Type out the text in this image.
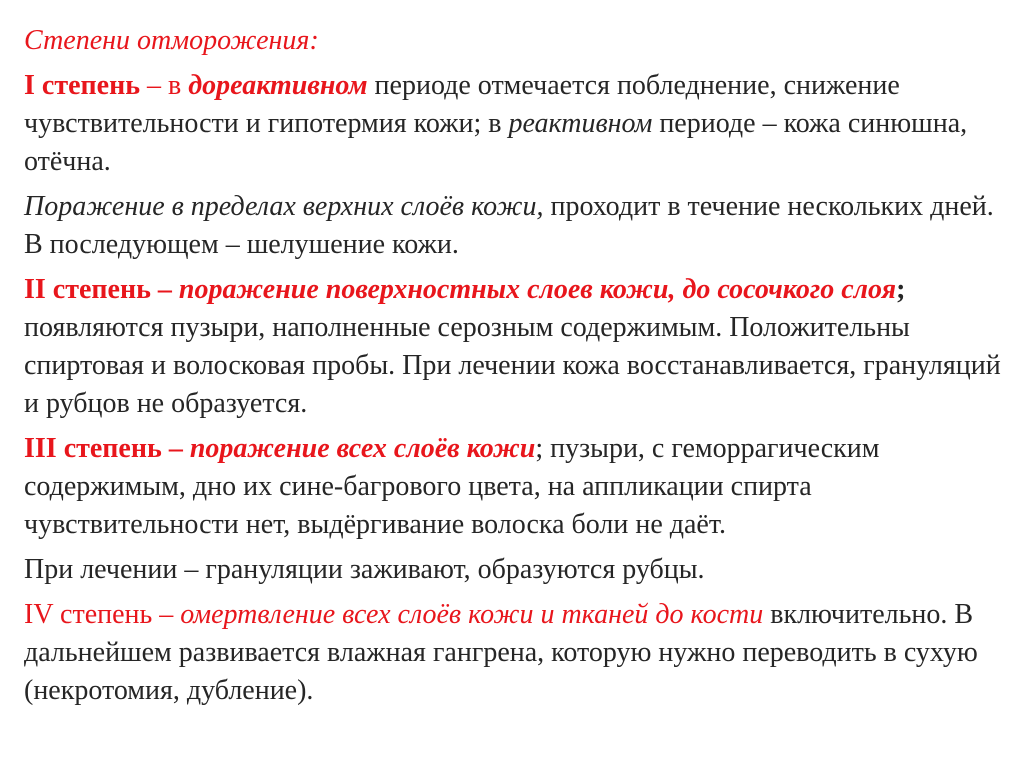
Степени отморожения:

I степень – в дореактивном периоде отмечается побледнение, снижение чувствительности и гипотермия кожи; в реактивном периоде – кожа синюшна, отёчна.

Поражение в пределах верхних слоёв кожи, проходит в течение нескольких дней. В последующем – шелушение кожи.

II степень – поражение поверхностных слоев кожи, до сосочкого слоя; появляются пузыри, наполненные серозным содержимым. Положительны спиртовая и волосковая пробы. При лечении кожа восстанавливается, грануляций и рубцов не образуется.

III степень – поражение всех слоёв кожи; пузыри, с геморрагическим содержимым, дно их сине-багрового цвета, на аппликации спирта чувствительности нет, выдёргивание волоска боли не даёт.

При лечении – грануляции заживают, образуются рубцы.

IV степень – омертвление всех слоёв кожи и тканей до кости включительно. В дальнейшем развивается влажная гангрена, которую нужно переводить в сухую (некротомия, дубление).
